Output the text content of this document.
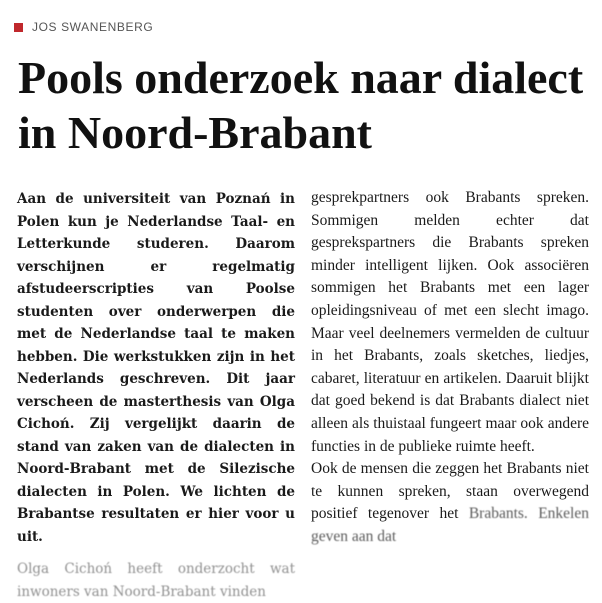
JOS SWANENBERG
Pools onderzoek naar dialect in Noord-Brabant

Aan de universiteit van Poznań in Polen kun je Nederlandse Taal- en Letterkunde studeren. Daarom verschijnen er regelmatig afstudeerscripties van Poolse studenten over onderwerpen die met de Nederlandse taal te maken hebben. Die werkstukken zijn in het Nederlands geschreven. Dit jaar verscheen de masterthesis van Olga Cichoń. Zij vergelijkt daarin de stand van zaken van de dialecten in Noord-Brabant met de Silezische dialecten in Polen. We lichten de Brabantse resultaten er hier voor u uit.

Olga Cichoń heeft onderzocht wat inwoners van Noord-Brabant vinden

gesprekpartners ook Brabants spreken. Sommigen melden echter dat gesprekspartners die Brabants spreken minder intelligent lijken. Ook associëren sommigen het Brabants met een lager opleidingsniveau of met een slecht imago. Maar veel deelnemers vermelden de cultuur in het Brabants, zoals sketches, liedjes, cabaret, literatuur en artikelen. Daaruit blijkt dat goed bekend is dat Brabants dialect niet alleen als thuistaal fungeert maar ook andere functies in de publieke ruimte heeft.

Ook de mensen die zeggen het Brabants niet te kunnen spreken, staan overwegend positief tegenover het Brabants. Enkelen geven aan dat
